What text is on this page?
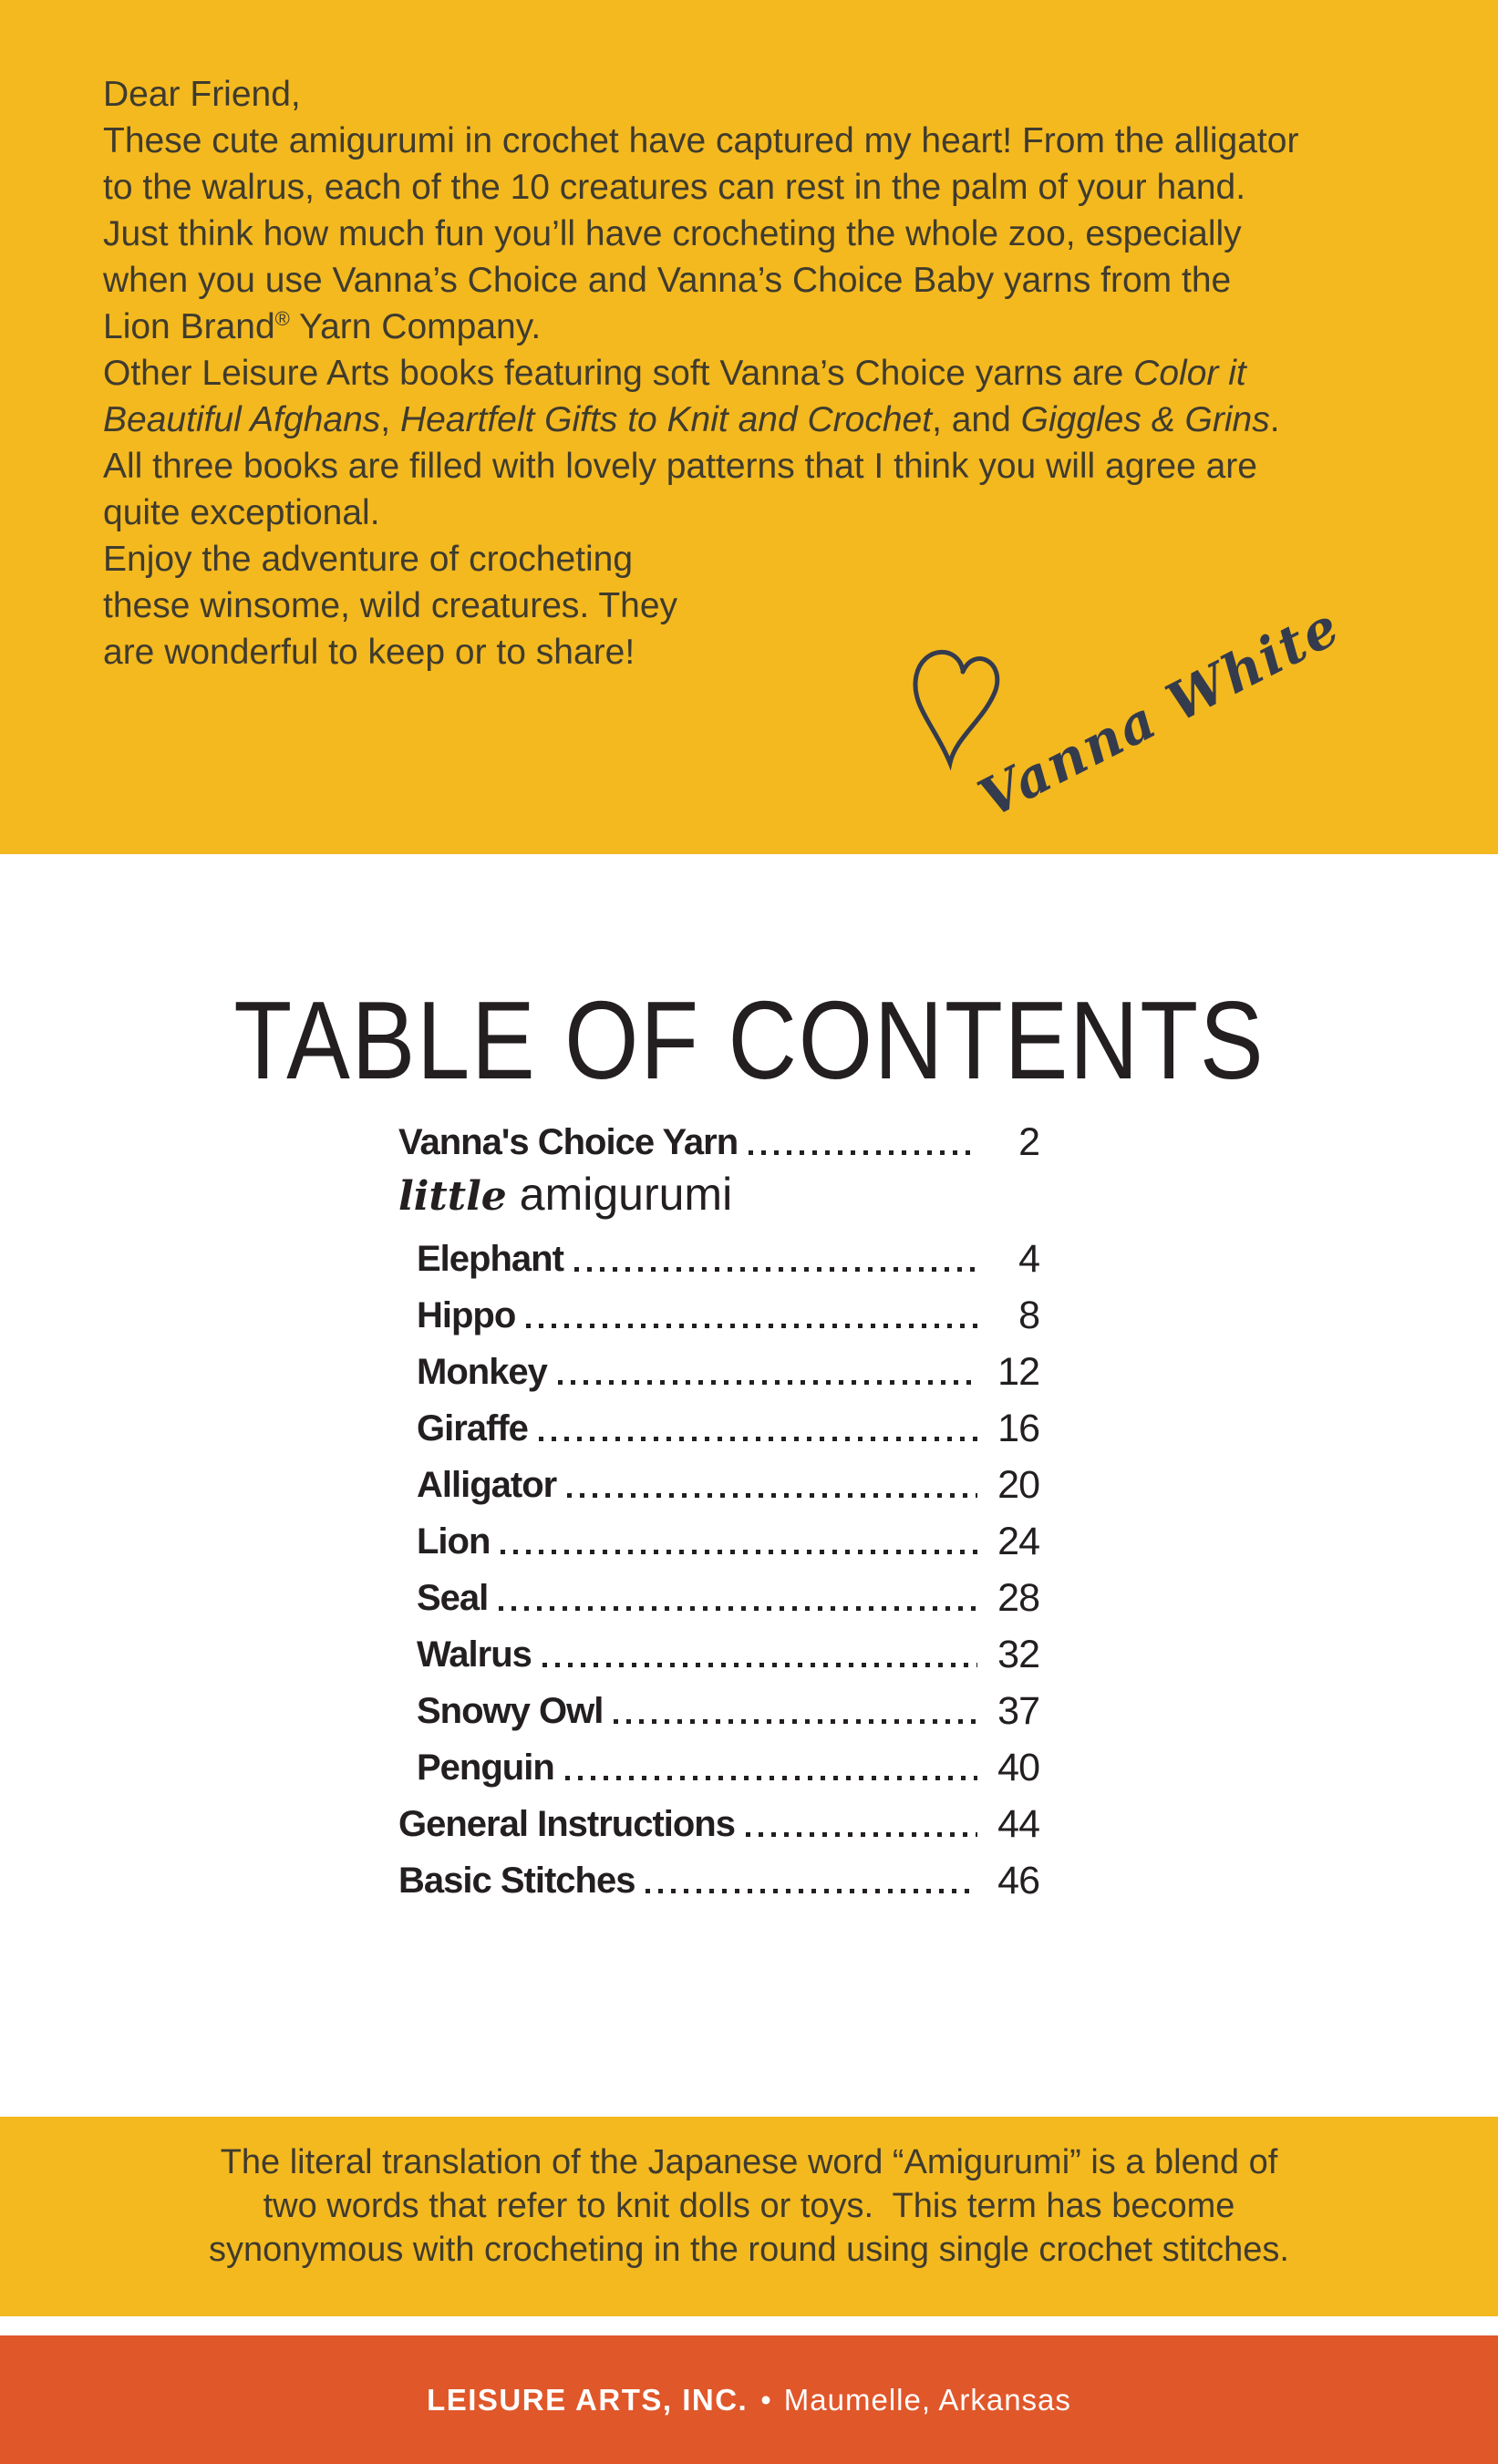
Dear Friend,

These cute amigurumi in crochet have captured my heart! From the alligator
to the walrus, each of the 10 creatures can rest in the palm of your hand.
Just think how much fun you’ll have crocheting the whole zoo, especially
when you use Vanna’s Choice and Vanna’s Choice Baby yarns from the
Lion Brand® Yarn Company.

Other Leisure Arts books featuring soft Vanna’s Choice yarns are Color it
Beautiful Afghans, Heartfelt Gifts to Knit and Crochet, and Giggles & Grins.
All three books are filled with lovely patterns that I think you will agree are
quite exceptional.

Enjoy the adventure of crocheting
these winsome, wild creatures. They
are wonderful to keep or to share!	Vanna White
TABLE OF CONTENTS
Vanna's Choice Yarn	2
little amigurumi
Elephant	4
Hippo	8
Monkey	12
Giraffe	16
Alligator	20
Lion	24
Seal	28
Walrus	32
Snowy Owl	37
Penguin	40
General Instructions	44
Basic Stitches	46
The literal translation of the Japanese word “Amigurumi” is a blend of
two words that refer to knit dolls or toys.  This term has become
synonymous with crocheting in the round using single crochet stitches.
LEISURE ARTS, INC. • Maumelle, Arkansas
